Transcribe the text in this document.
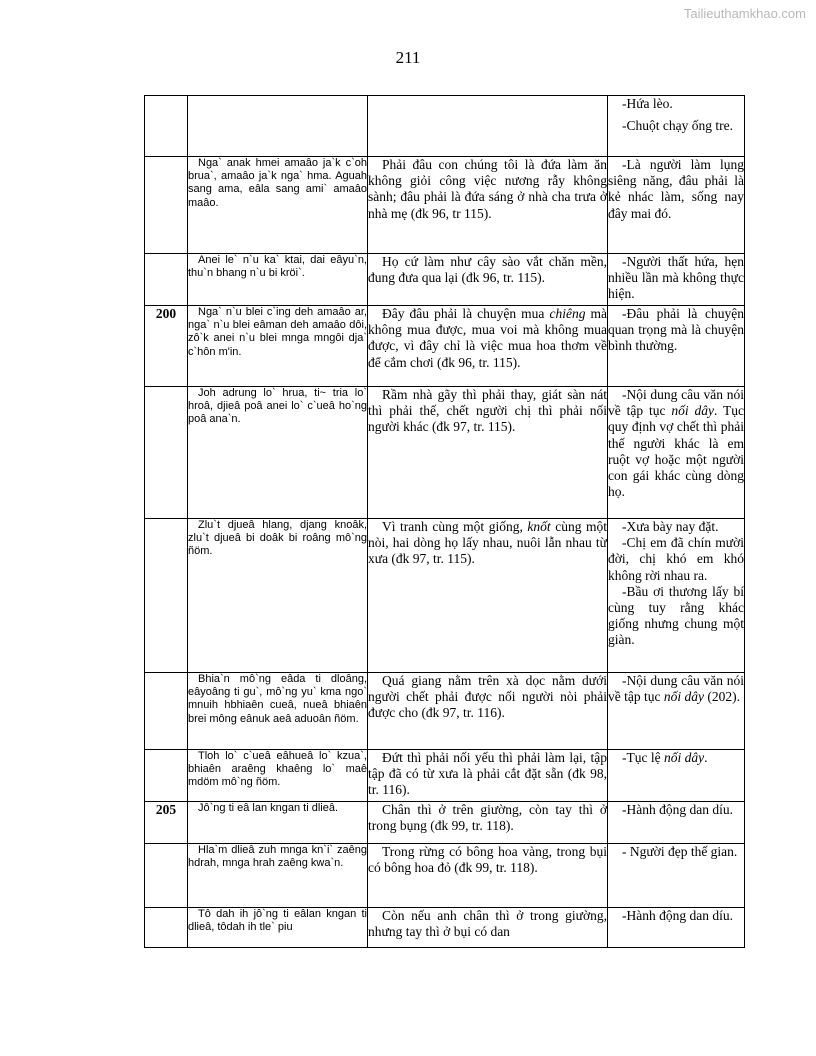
Tailieuthamkhao.com
211

			-Hứa lèo.

-Chuột chạy ống tre.

	Nga` anak hmei amaâo ja`k c`oh brua`, amaâo ja`k nga` hma. Aguah sang ama, eâla sang ami` amaâo maâo.	Phải đâu con chúng tôi là đứa làm ăn không giỏi công việc nương rẫy không sành; đâu phải là đứa sáng ở nhà cha trưa ở nhà mẹ (đk 96, tr 115).	-Là người làm lụng siêng năng, đâu phải là kẻ nhác làm, sống nay đây mai đó.

	Anei le` n`u ka` ktai, dai eâyu`n, thu`n bhang n`u bi kröi`.	Họ cứ làm như cây sào vắt chăn mền, đung đưa qua lại (đk 96, tr. 115).	-Người thất hứa, hẹn nhiều lần mà không thực hiện.

200	Nga` n`u blei c`ing deh amaâo ar, nga` n`u blei eâman deh amaâo dôi, zô`k anei n`u blei mnga mngôi dja` c`hôn m'in.	Đây đâu phải là chuyện mua chiêng mà không mua được, mua voi mà không mua được, vì đây chỉ là việc mua hoa thơm về để cắm chơi (đk 96, tr. 115).	-Đâu phải là chuyện quan trọng mà là chuyện bình thường.

	Joh adrung lo` hrua, ti~ tria lo` hroâ, djieâ poâ anei lo` c`ueâ ho`ng poâ ana`n.	Rầm nhà gãy thì phải thay, giát sàn nát thì phải thế, chết người chị thì phải nối người khác (đk 97, tr. 115).	-Nội dung câu văn nói về tập tục nối dây. Tục quy định vợ chết thì phải thế người khác là em ruột vợ hoặc một người con gái khác cùng dòng họ.

	Zlu`t djueâ hlang, djang knoâk, zlu`t djueâ bi doâk bi roâng mô`ng ñöm.	Vì tranh cùng một giống, knốt cùng một nòi, hai dòng họ lấy nhau, nuôi lẫn nhau từ xưa (đk 97, tr. 115).	-Xưa bày nay đặt.

-Chị em đã chín mười đời, chị khó em khó không rời nhau ra.

-Bầu ơi thương lấy bí cùng tuy rằng khác giống nhưng chung một giàn.

	Bhia`n mô`ng eâda ti dloâng, eâyoâng ti gu`, mô`ng yu` kma ngo` mnuih hbhiaên cueâ, nueâ bhiaên brei mông eânuk aeâ aduoân ñöm.	Quá giang nằm trên xà dọc nằm dưới người chết phải được nối người nòi phải được cho (đk 97, tr. 116).	-Nội dung câu văn nói về tập tục nối dây (202).

	Tloh lo` c`ueâ eâhueâ lo` kzua`, bhiaên araêng khaêng lo` maê mdöm mô`ng ñöm.	Đứt thì phải nối yếu thì phải làm lại, tập tập đã có từ xưa là phải cắt đặt sẵn (đk 98, tr. 116).	-Tục lệ nối dây.

205	Jô`ng ti eâ lan kngan ti dlieâ.	Chân thì ở trên giường, còn tay thì ở trong bụng (đk 99, tr. 118).	-Hành động dan díu.

	Hla`m dlieâ zuh mnga kn`i` zaêng hdrah, mnga hrah zaêng kwa`n.	Trong rừng có bông hoa vàng, trong bụi có bông hoa đỏ (đk 99, tr. 118).	- Người đẹp thế gian.

	Tô dah ih jô`ng ti eâlan kngan ti dlieâ, tôdah ih tle` piu	Còn nếu anh chân thì ở trong giường, nhưng tay thì ở bụi có dan	-Hành động dan díu.
